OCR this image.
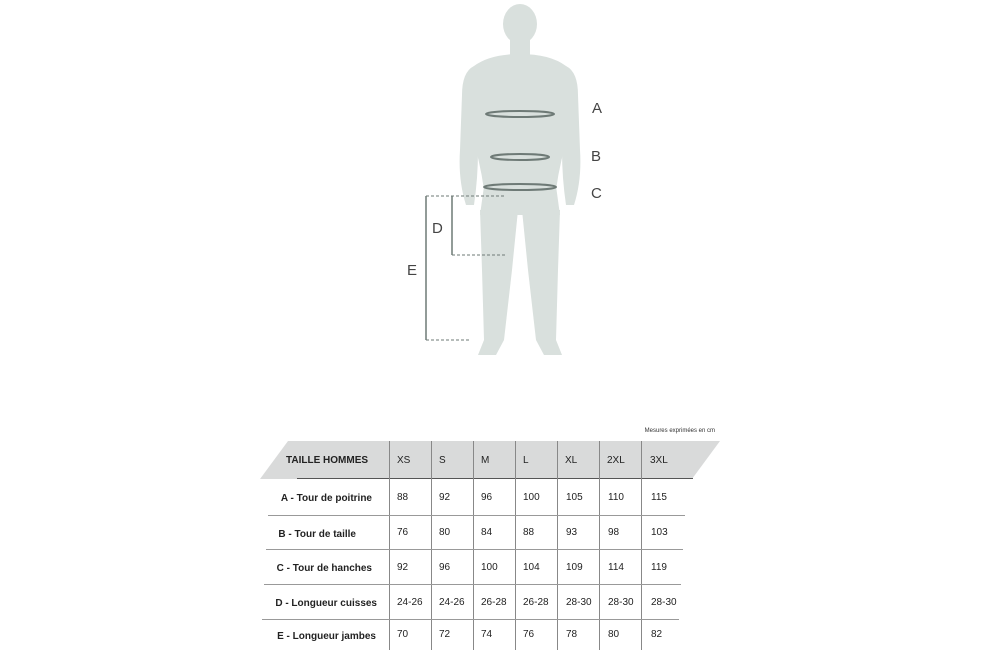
A
B
C
D
E
Mesures exprimées en cm
TAILLE HOMMES	XS	S	M	L	XL	2XL	3XL
A - Tour de poitrine	88	92	96	100	105	110	115
B - Tour de taille	76	80	84	88	93	98	103
C - Tour de hanches	92	96	100	104	109	114	119
D - Longueur cuisses 24-26 24-26 26-28 26-28 28-30 28-30 28-30
E - Longueur jambes 70	72	74	76	78	80	82
